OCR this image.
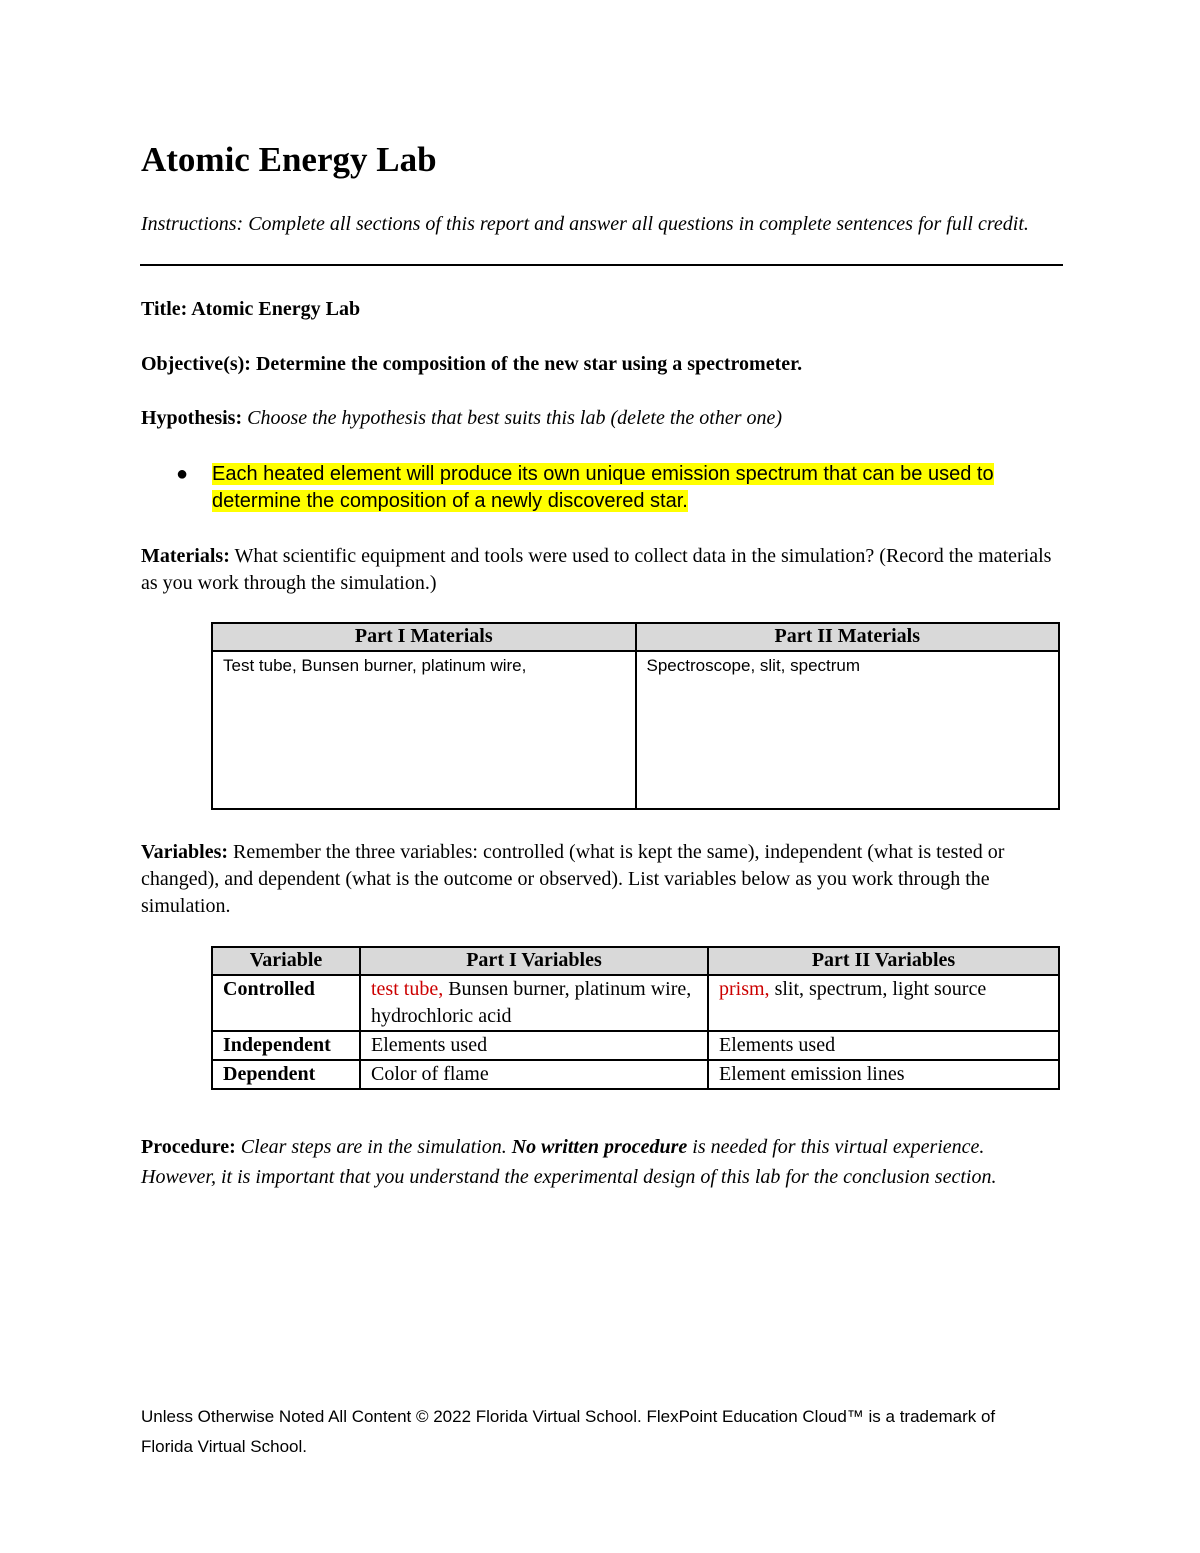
Atomic Energy Lab
Instructions: Complete all sections of this report and answer all questions in complete sentences for full credit.
Title: Atomic Energy Lab
Objective(s): Determine the composition of the new star using a spectrometer.
Hypothesis: Choose the hypothesis that best suits this lab (delete the other one)
● Each heated element will produce its own unique emission spectrum that can be used to determine the composition of a newly discovered star.
Materials: What scientific equipment and tools were used to collect data in the simulation? (Record the materials as you work through the simulation.)
Part I Materials	Part II Materials
Test tube, Bunsen burner, platinum wire,	Spectroscope, slit, spectrum
Variables: Remember the three variables: controlled (what is kept the same), independent (what is tested or changed), and dependent (what is the outcome or observed). List variables below as you work through the simulation.
Variable	Part I Variables	Part II Variables
Controlled	test tube, Bunsen burner, platinum wire, hydrochloric acid	prism, slit, spectrum, light source
Independent	Elements used	Elements used
Dependent	Color of flame	Element emission lines
Procedure: Clear steps are in the simulation. No written procedure is needed for this virtual experience. However, it is important that you understand the experimental design of this lab for the conclusion section.
Unless Otherwise Noted All Content © 2022 Florida Virtual School. FlexPoint Education Cloud™ is a trademark of Florida Virtual School.
